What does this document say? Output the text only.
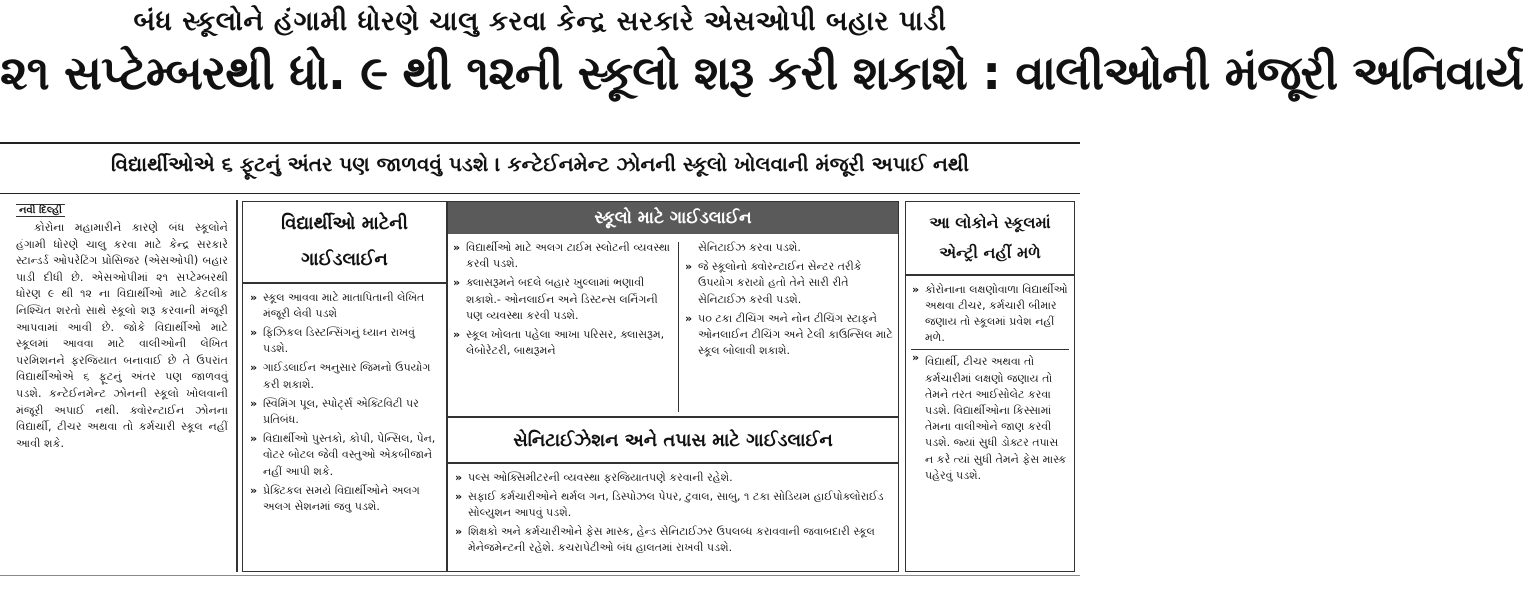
બંધ સ્કૂલોને હંગામી ધોરણે ચાલુ કરવા કેન્દ્ર સરકારે એસઓપી બહાર પાડી
૨૧ સપ્ટેમ્બરથી ધો. ૯ થી ૧૨ની સ્કૂલો શરૂ કરી શકાશે : વાલીઓની મંજૂરી અનિવાર્ય
વિદ્યાર્થીઓએ ૬ ફૂટનું અંતર પણ જાળવવું પડશે । કન્ટેઈનમેન્ટ ઝોનની સ્કૂલો ખોલવાની મંજૂરી અપાઈ નથી
નવી દિલ્હી
કોરોના મહામારીને કારણે બંધ સ્કૂલોને હંગામી ધોરણે ચાલુ કરવા માટે કેન્દ્ર સરકારે સ્ટાન્ડર્ડ ઓપરેટિંગ પ્રોસિજર (એસઓપી) બહાર પાડી દીધી છે. એસઓપીમાં ૨૧ સપ્ટેમ્બરથી ધોરણ ૯ થી ૧૨ ના વિદ્યાર્થીઓ માટે કેટલીક નિશ્ચિત શરતો સાથે સ્કૂલો શરૂ કરવાની મંજૂરી આપવામાં આવી છે. જોકે વિદ્યાર્થીઓ માટે સ્કૂલમાં આવવા માટે વાલીઓની લેખિત પરમિશનને ફરજિયાત બનાવાઈ છે તે ઉપરાંત વિદ્યાર્થીઓએ ૬ ફૂટનું અંતર પણ જાળવવું પડશે. કન્ટેઈનમેન્ટ ઝોનની સ્કૂલો ખોલવાની મંજૂરી અપાઈ નથી. ક્વોરન્ટાઈન ઝોનના વિદ્યાર્થી, ટીચર અથવા તો કર્મચારી સ્કૂલ નહીં આવી શકે.
વિદ્યાર્થીઓ માટેની ગાઈડલાઈન
» સ્કૂલ આવવા માટે માતાપિતાની લેખિત મંજૂરી લેવી પડશે
» ફિઝિકલ ડિસ્ટન્સિંગનું ધ્યાન રાખવું પડશે.
» ગાઈડલાઈન અનુસાર જિમનો ઉપયોગ કરી શકાશે.
» સ્વિમિંગ પૂલ, સ્પોર્ટ્સ એક્ટિવિટી પર પ્રતિબંધ.
» વિદ્યાર્થીઓ પુસ્તકો, કોપી, પેન્સિલ, પેન, વોટર બોટલ જેવી વસ્તુઓ એકબીજાને નહીં આપી શકે.
» પ્રેક્ટિકલ સમયે વિદ્યાર્થીઓને અલગ અલગ સેશનમાં જવુ પડશે.
સ્કૂલો માટે ગાઈડલાઈન
» વિદ્યાર્થીઓ માટે અલગ ટાઈમ સ્લોટની વ્યવસ્થા કરવી પડશે.
» ક્લાસરૂમને બદલે બહાર ખુલ્લામાં ભણાવી શકાશે.- ઓનલાઈન અને ડિસ્ટન્સ લર્નિંગની પણ વ્યવસ્થા કરવી પડશે.
» સ્કૂલ ખોલતા પહેલા આખા પરિસર, ક્લાસરૂમ, લેબોરેટરી, બાથરૂમને
સેનિટાઈઝ કરવા પડશે.
» જે સ્કૂલોનો ક્વોરન્ટાઈન સેન્ટર તરીકે ઉપયોગ કરાયો હતો તેને સારી રીતે સેનિટાઈઝ કરવી પડશે.
» ૫૦ ટકા ટીચિંગ અને નોન ટીચિંગ સ્ટાફને ઓનલાઈન ટીચિંગ અને ટેલી કાઉન્સિલ માટે સ્કૂલ બોલાવી શકાશે.
સેનિટાઈઝેશન અને તપાસ માટે ગાઈડલાઈન
» પલ્સ ઓક્સિમીટરની વ્યવસ્થા ફરજિયાતપણે કરવાની રહેશે.
» સફાઈ કર્મચારીઓને થર્મલ ગન, ડિસ્પોઝલ પેપર, ટુવાલ, સાબુ, ૧ ટકા સોડિયમ હાઈપોક્લોરાઈડ સોલ્યુશન આપવું પડશે.
» શિક્ષકો અને કર્મચારીઓને ફેસ માસ્ક, હેન્ડ સેનિટાઈઝર ઉપલબ્ધ કરાવવાની જવાબદારી સ્કૂલ મેનેજમેન્ટની રહેશે. કચરાપેટીઓ બંધ હાલતમાં રાખવી પડશે.
આ લોકોને સ્કૂલમાં એન્ટ્રી નહીં મળે
» કોરોનાના લક્ષણોવાળા વિદ્યાર્થીઓ અથવા ટીચર, કર્મચારી બીમાર જણાય તો સ્કૂલમાં પ્રવેશ નહીં મળે.
» વિદ્યાર્થી, ટીચર અથવા તો કર્મચારીમાં લક્ષણો જણાય તો તેમને તરત આઈસોલેટ કરવા પડશે. વિદ્યાર્થીઓના કિસ્સામાં તેમના વાલીઓને જાણ કરવી પડશે. જ્યાં સુધી ડોક્ટર તપાસ ન કરે ત્યાં સુધી તેમને ફેસ માસ્ક પહેરવું પડશે.
